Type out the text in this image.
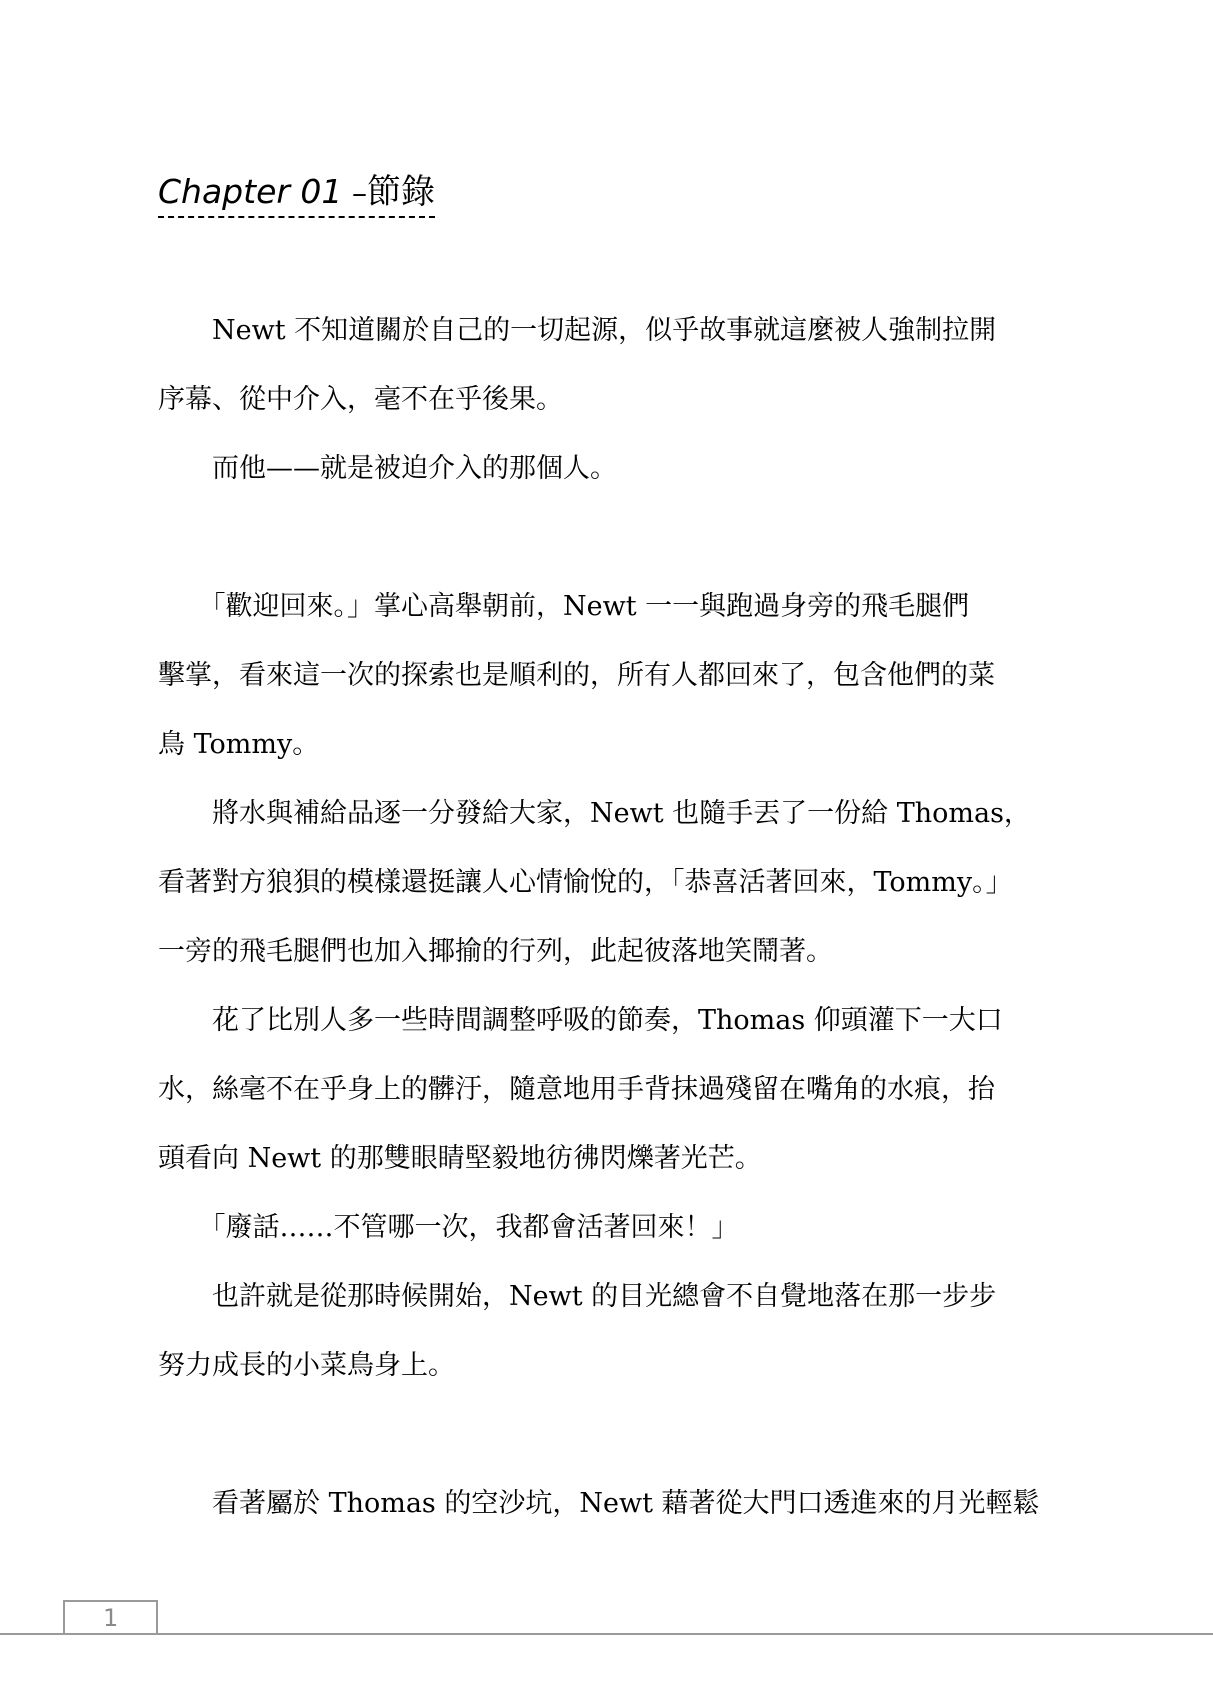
Chapter 01 –節錄
　　Newt 不知道關於自己的一切起源，似乎故事就這麼被人強制拉開
序幕、從中介入，毫不在乎後果。
　　而他——就是被迫介入的那個人。
　　「歡迎回來。」掌心高舉朝前，Newt 一一與跑過身旁的飛毛腿們
擊掌，看來這一次的探索也是順利的，所有人都回來了，包含他們的菜
鳥 Tommy。
　　將水與補給品逐一分發給大家，Newt 也隨手丟了一份給 Thomas，
看著對方狼狽的模樣還挺讓人心情愉悅的，「恭喜活著回來，Tommy。」
一旁的飛毛腿們也加入揶揄的行列，此起彼落地笑鬧著。
　　花了比別人多一些時間調整呼吸的節奏，Thomas 仰頭灌下一大口
水，絲毫不在乎身上的髒汙，隨意地用手背抹過殘留在嘴角的水痕，抬
頭看向 Newt 的那雙眼睛堅毅地彷彿閃爍著光芒。
　　「廢話……不管哪一次，我都會活著回來！」
　　也許就是從那時候開始，Newt 的目光總會不自覺地落在那一步步
努力成長的小菜鳥身上。
　　看著屬於 Thomas 的空沙坑，Newt 藉著從大門口透進來的月光輕鬆
1
